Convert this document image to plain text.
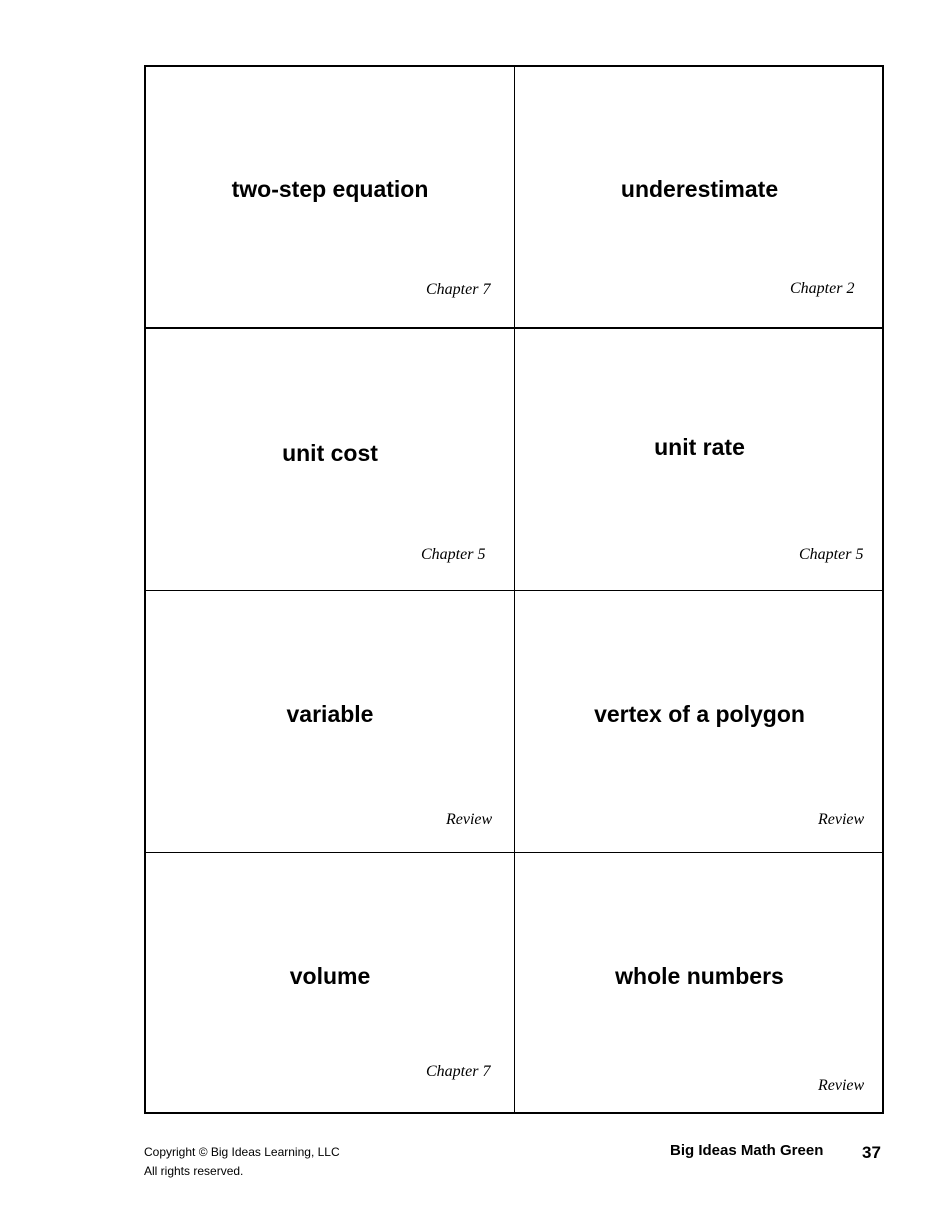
two-step equation
Chapter 7
underestimate
Chapter 2
unit cost
Chapter 5
unit rate
Chapter 5
variable
Review
vertex of a polygon
Review
volume
Chapter 7
whole numbers
Review
Copyright © Big Ideas Learning, LLC
All rights reserved.
Big Ideas Math Green 37
